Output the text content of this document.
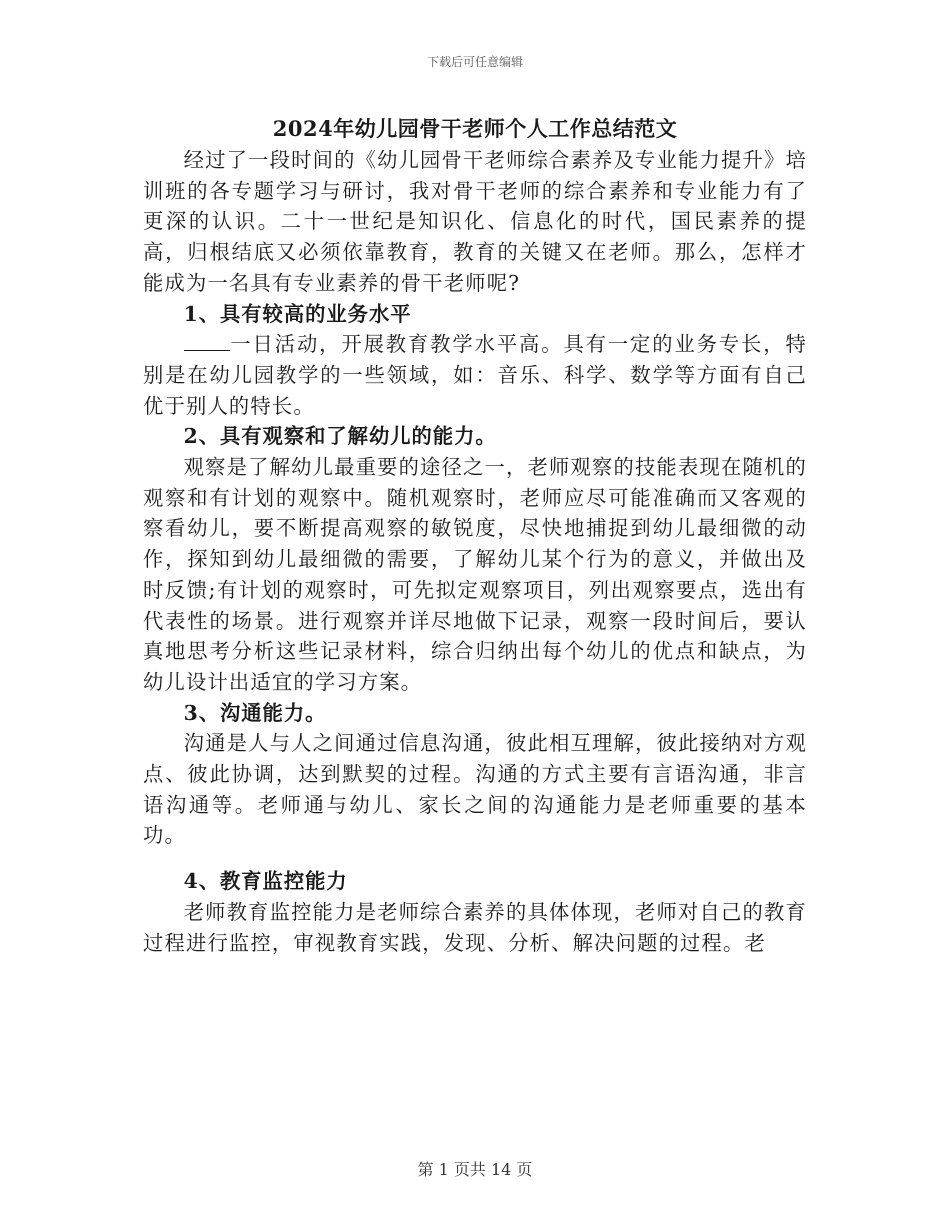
下载后可任意编辑
2024年幼儿园骨干老师个人工作总结范文

经过了一段时间的《幼儿园骨干老师综合素养及专业能力提升》培训班的各专题学习与研讨，我对骨干老师的综合素养和专业能力有了更深的认识。二十一世纪是知识化、信息化的时代，国民素养的提高，归根结底又必须依靠教育，教育的关键又在老师。那么，怎样才能成为一名具有专业素养的骨干老师呢?

1、具有较高的业务水平

一日活动，开展教育教学水平高。具有一定的业务专长，特别是在幼儿园教学的一些领域，如：音乐、科学、数学等方面有自己优于别人的特长。

2、具有观察和了解幼儿的能力。

观察是了解幼儿最重要的途径之一，老师观察的技能表现在随机的观察和有计划的观察中。随机观察时，老师应尽可能准确而又客观的察看幼儿，要不断提高观察的敏锐度，尽快地捕捉到幼儿最细微的动作，探知到幼儿最细微的需要，了解幼儿某个行为的意义，并做出及时反馈;有计划的观察时，可先拟定观察项目，列出观察要点，选出有代表性的场景。进行观察并详尽地做下记录，观察一段时间后，要认真地思考分析这些记录材料，综合归纳出每个幼儿的优点和缺点，为幼儿设计出适宜的学习方案。

3、沟通能力。

沟通是人与人之间通过信息沟通，彼此相互理解，彼此接纳对方观点、彼此协调，达到默契的过程。沟通的方式主要有言语沟通，非言语沟通等。老师通与幼儿、家长之间的沟通能力是老师重要的基本功。

4、教育监控能力

老师教育监控能力是老师综合素养的具体体现，老师对自己的教育过程进行监控，审视教育实践，发现、分析、解决问题的过程。老

第 1 页共 14 页
